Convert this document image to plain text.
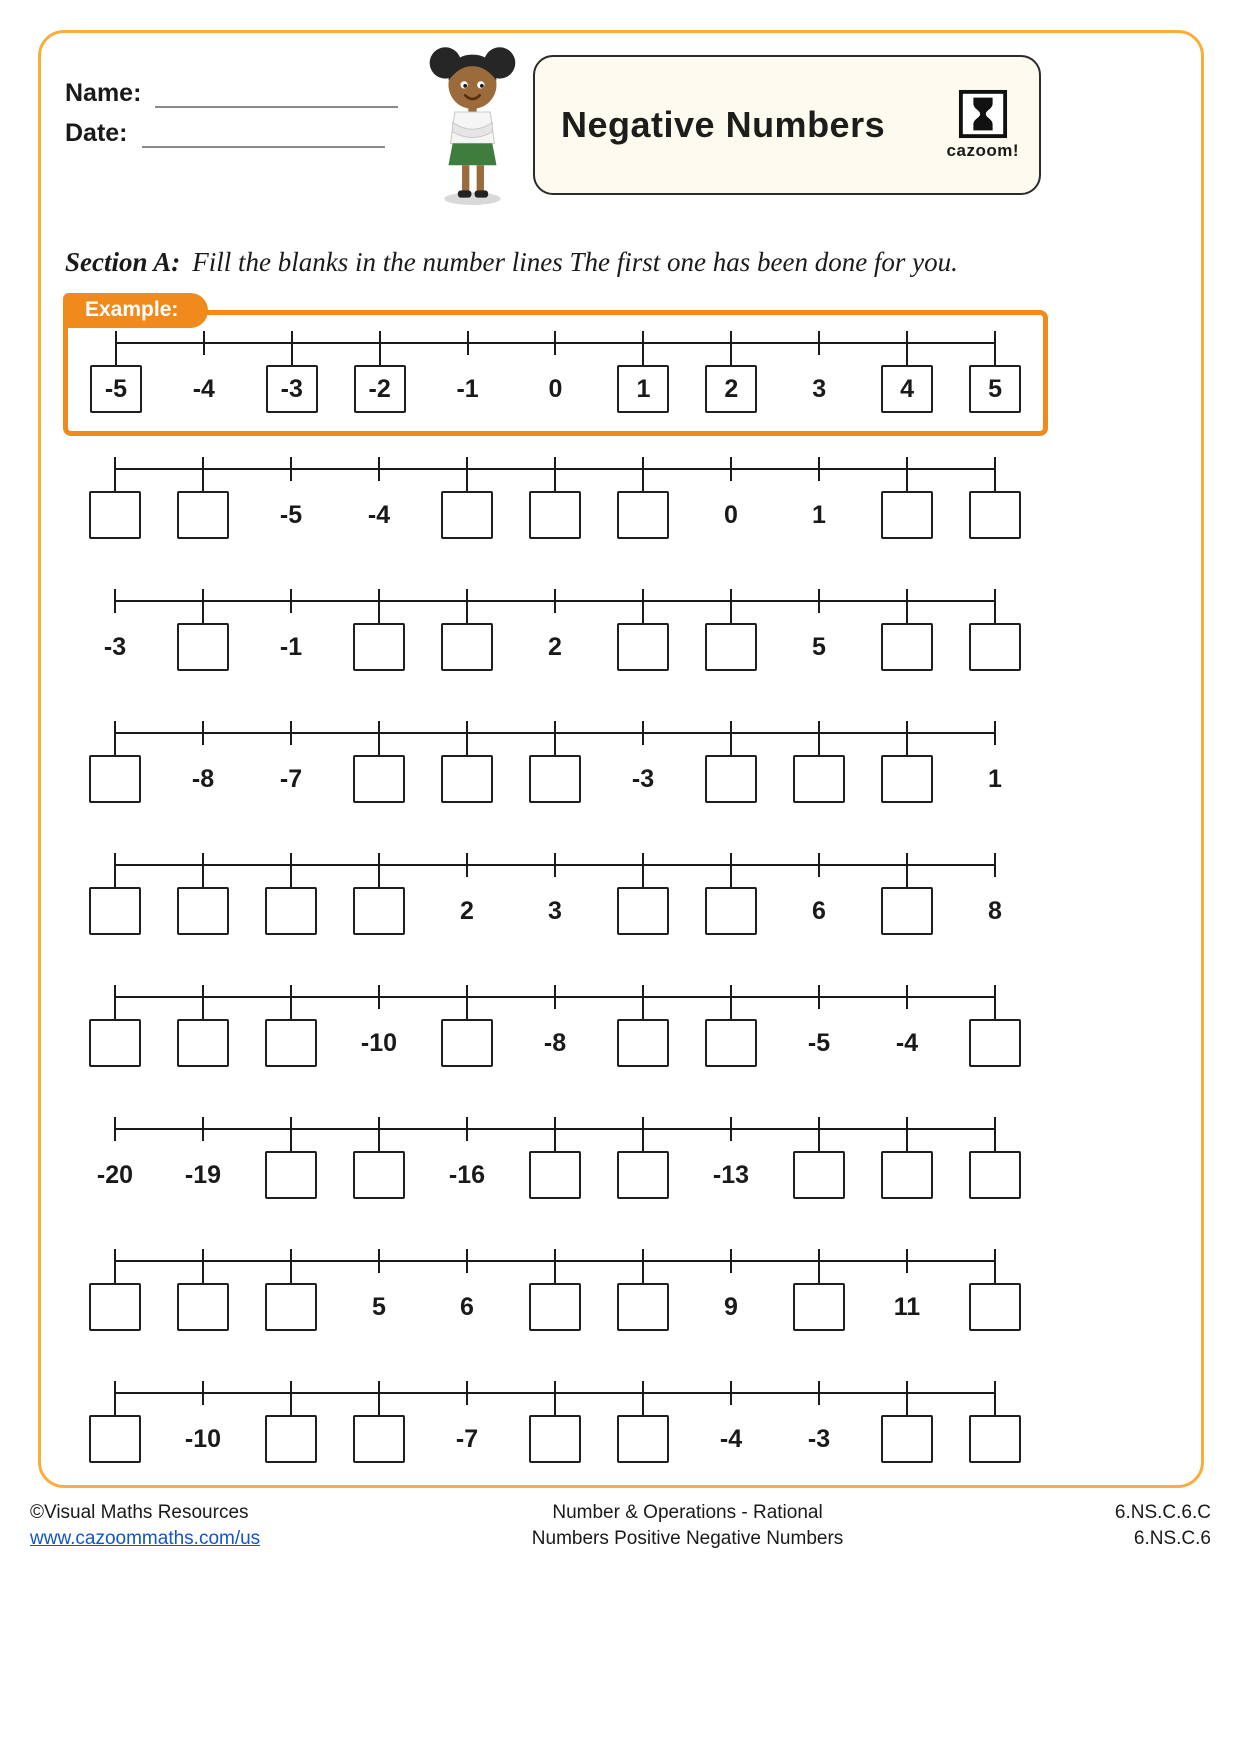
Name:
Date:	Negative Numbers
cazoom!
Section A: Fill the blanks in the number lines The first one has been done for you.
Example:
-5	-4	-3	-2	-1	0	1	2	3	4	5
-5	-4	0	1
-3	-1	2	5
-8	-7	-3	1
2	3	6	8
-10	-8	-5	-4
-20 -19	-16	-13
5	6	9	11
-10	-7	-4	-3
©Visual Maths Resources
www.cazoommaths.com/us
Number & Operations - Rational
Numbers Positive Negative Numbers
6.NS.C.6.C
6.NS.C.6
